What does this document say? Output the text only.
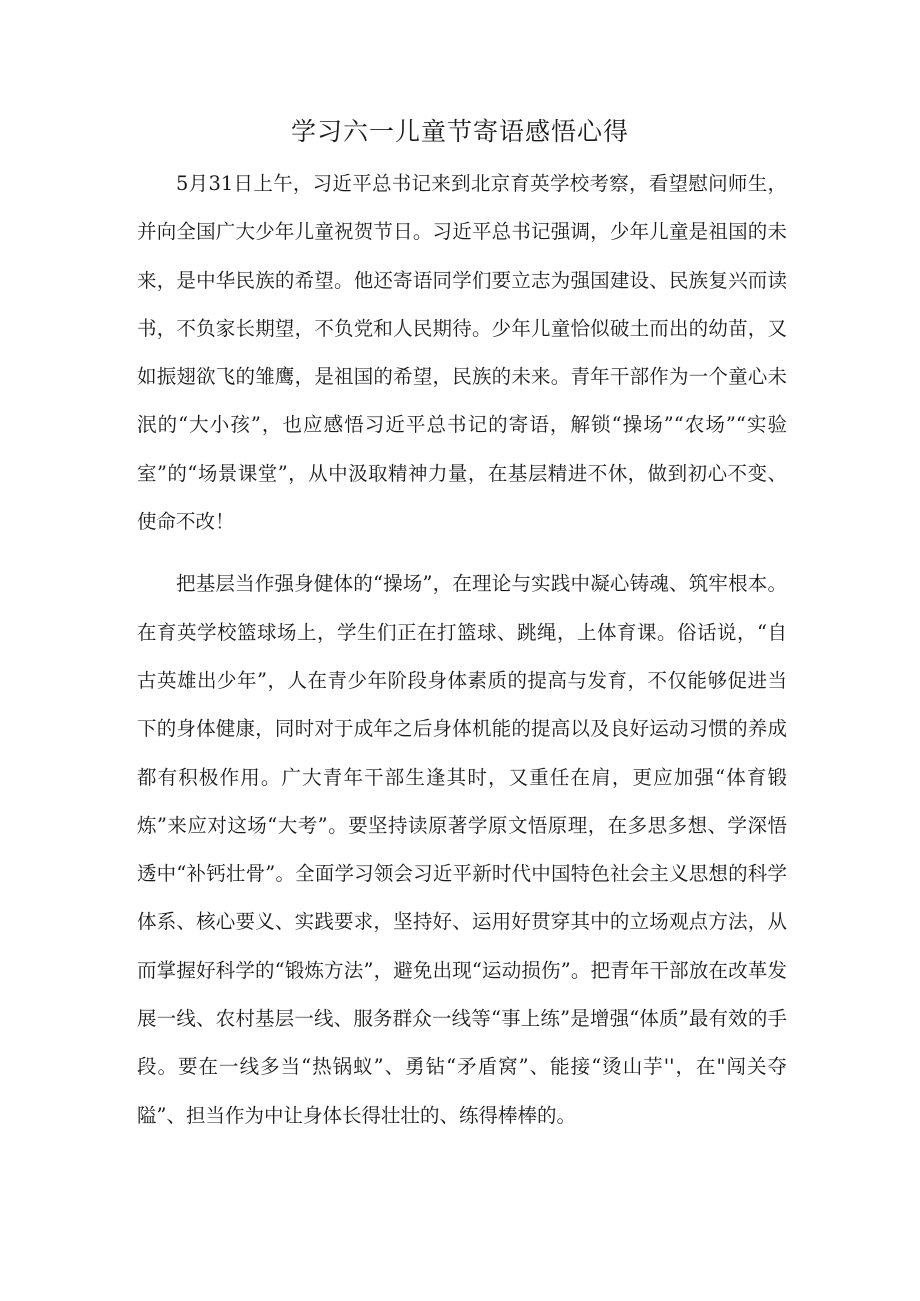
学习六一儿童节寄语感悟心得

5月31日上午，习近平总书记来到北京育英学校考察，看望慰问师生，并向全国广大少年儿童祝贺节日。习近平总书记强调，少年儿童是祖国的未来，是中华民族的希望。他还寄语同学们要立志为强国建设、民族复兴而读书，不负家长期望，不负党和人民期待。少年儿童恰似破土而出的幼苗，又如振翅欲飞的雏鹰，是祖国的希望，民族的未来。青年干部作为一个童心未泯的“大小孩”，也应感悟习近平总书记的寄语，解锁“操场”“农场”“实验室”的“场景课堂”，从中汲取精神力量，在基层精进不休，做到初心不变、使命不改！

把基层当作强身健体的“操场”，在理论与实践中凝心铸魂、筑牢根本。在育英学校篮球场上，学生们正在打篮球、跳绳，上体育课。俗话说，“自古英雄出少年”，人在青少年阶段身体素质的提高与发育，不仅能够促进当下的身体健康，同时对于成年之后身体机能的提高以及良好运动习惯的养成都有积极作用。广大青年干部生逢其时，又重任在肩，更应加强“体育锻炼”来应对这场“大考”。要坚持读原著学原文悟原理，在多思多想、学深悟透中“补钙壮骨”。全面学习领会习近平新时代中国特色社会主义思想的科学体系、核心要义、实践要求，坚持好、运用好贯穿其中的立场观点方法，从而掌握好科学的“锻炼方法”，避免出现“运动损伤”。把青年干部放在改革发展一线、农村基层一线、服务群众一线等“事上练”是增强“体质”最有效的手段。要在一线多当“热锅蚁”、勇钻“矛盾窝”、能接“烫山芋''，在"闯关夺隘”、担当作为中让身体长得壮壮的、练得棒棒的。
